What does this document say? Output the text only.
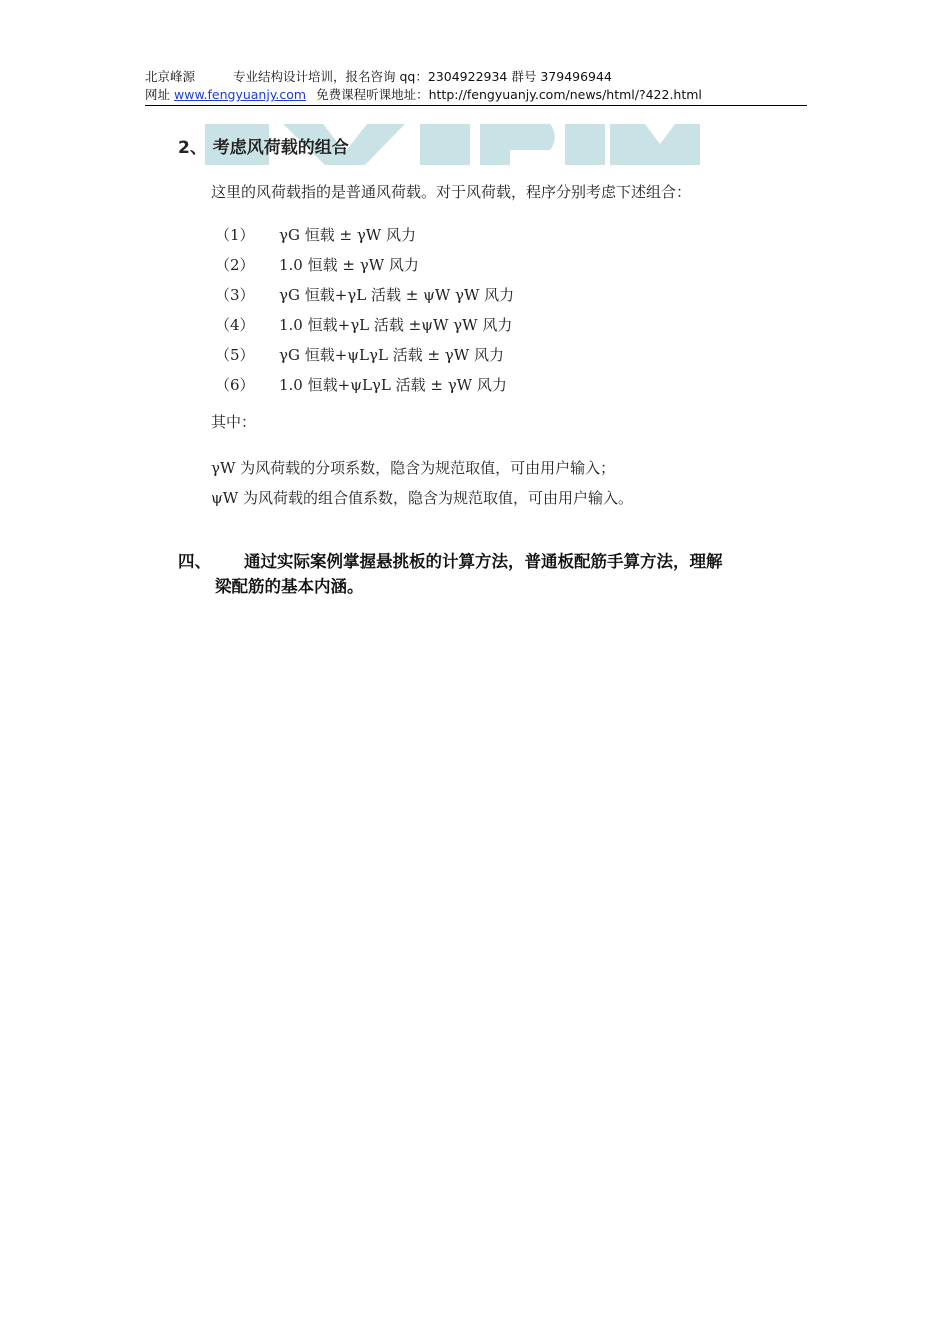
北京峰源	专业结构设计培训，报名咨询 qq：2304922934 群号 379496944
网址 www.fengyuanjy.com 免费课程听课地址：http://fengyuanjy.com/news/html/?422.html
2、 考虑风荷载的组合
这里的风荷载指的是普通风荷载。对于风荷载，程序分别考虑下述组合：
（1） γG 恒载 ± γW 风力
（2） 1.0 恒载 ± γW 风力
（3） γG 恒载+γL 活载 ± ψW γW 风力
（4） 1.0 恒载+γL 活载 ±ψW γW 风力
（5） γG 恒载+ψLγL 活载 ± γW 风力
（6） 1.0 恒载+ψLγL 活载 ± γW 风力
其中：
γW 为风荷载的分项系数，隐含为规范取值，可由用户输入；
ψW 为风荷载的组合值系数，隐含为规范取值，可由用户输入。
四、 通过实际案例掌握悬挑板的计算方法，普通板配筋手算方法，理解
梁配筋的基本内涵。
